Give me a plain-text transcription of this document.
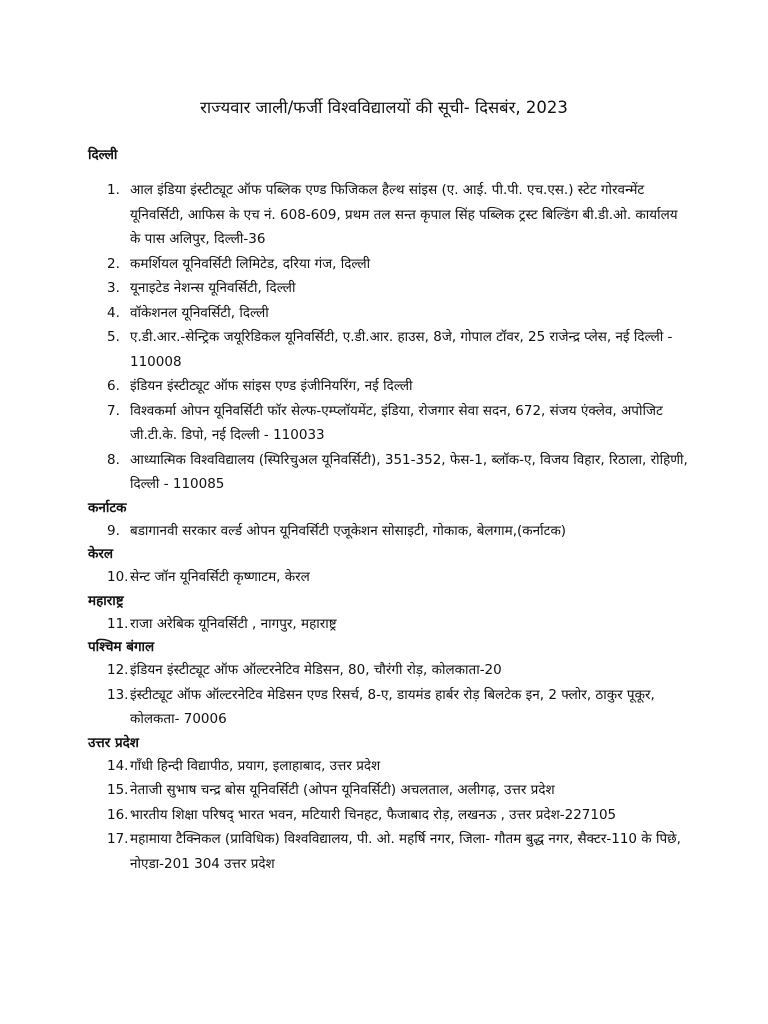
राज्यवार जाली/फर्जी विश्वविद्यालयों की सूची- दिसबंर, 2023
दिल्ली
1. आल इंडिया इंस्टीट्यूट ऑफ पब्लिक एण्ड फिजिकल हैल्थ सांइस (ए. आई. पी.पी. एच.एस.) स्टेट गोरवन्मेंट यूनिवर्सिटी, आफिस के एच नं. 608-609, प्रथम तल सन्त कृपाल सिंह पब्लिक ट्रस्ट बिल्डिंग बी.डी.ओ. कार्यालय के पास अलिपुर, दिल्ली-36
2. कमर्शियल यूनिवर्सिटी लिमिटेड, दरिया गंज, दिल्ली
3. यूनाइटेड नेशन्स यूनिवर्सिटी, दिल्ली
4. वॉकेशनल यूनिवर्सिटी, दिल्ली
5. ए.डी.आर.-सेन्ट्रिक जयूरिडिकल यूनिवर्सिटी, ए.डी.आर. हाउस, 8जे, गोपाल टॉवर, 25 राजेन्द्र प्लेस, नई दिल्ली - 110008
6. इंडियन इंस्टीट्यूट ऑफ सांइस एण्ड इंजीनियरिंग, नई दिल्ली
7. विश्वकर्मा ओपन यूनिवर्सिटी फॉर सेल्फ-एम्प्लॉयमेंट, इंडिया, रोजगार सेवा सदन, 672, संजय एंक्लेव, अपोजिट जी.टी.के. डिपो, नई दिल्ली - 110033
8. आध्यात्मिक विश्वविद्यालय (स्पिरिचुअल यूनिवर्सिटी), 351-352, फेस-1, ब्लॉक-ए, विजय विहार, रिठाला, रोहिणी, दिल्ली - 110085
कर्नाटक
9. बडागानवी सरकार वर्ल्ड ओपन यूनिवर्सिटी एजूकेशन सोसाइटी, गोकाक, बेलगाम,(कर्नाटक)
केरल
10. सेन्ट जॉन यूनिवर्सिटी कृष्णाटम, केरल
महाराष्ट्र
11. राजा अरेबिक यूनिवर्सिटी , नागपुर, महाराष्ट्र
पश्चिम बंगाल
12. इंडियन इंस्टीट्यूट ऑफ ऑल्टरनेटिव मेडिसन, 80, चौरंगी रोड़, कोलकाता-20
13. इंस्टीट्यूट ऑफ ऑल्टरनेटिव मेडिसन एण्ड रिसर्च, 8-ए, डायमंड हार्बर रोड़ बिलटेक इन, 2 फ्लोर, ठाकुर पूकूर, कोलकता- 70006
उत्तर प्रदेश
14. गाँधी हिन्दी विद्यापीठ, प्रयाग, इलाहाबाद, उत्तर प्रदेश
15. नेताजी सुभाष चन्द्र बोस यूनिवर्सिटी (ओपन यूनिवर्सिटी) अचलताल, अलीगढ़, उत्तर प्रदेश
16. भारतीय शिक्षा परिषद् भारत भवन, मटियारी चिनहट, फैजाबाद रोड़, लखनऊ , उत्तर प्रदेश-227105
17. महामाया टैक्निकल (प्राविधिक) विश्वविद्यालय, पी. ओ. महर्षि नगर, जिला- गौतम बुद्ध नगर, सैक्टर-110 के पिछे, नोएडा-201 304 उत्तर प्रदेश
